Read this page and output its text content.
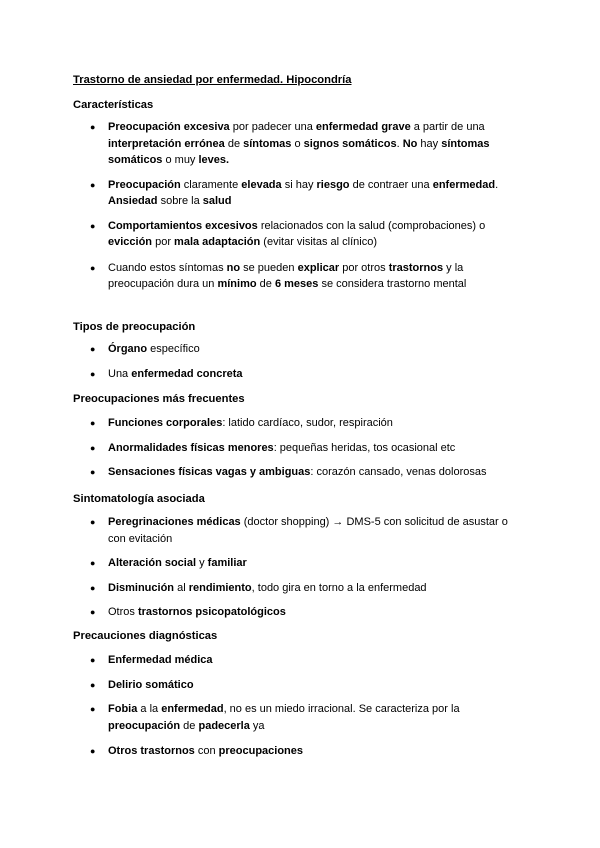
Trastorno de ansiedad por enfermedad. Hipocondría
Características
● Preocupación excesiva por padecer una enfermedad grave a partir de una interpretación errónea de síntomas o signos somáticos. No hay síntomas somáticos o muy leves.
● Preocupación claramente elevada si hay riesgo de contraer una enfermedad. Ansiedad sobre la salud
● Comportamientos excesivos relacionados con la salud (comprobaciones) o evicción por mala adaptación (evitar visitas al clínico)
● Cuando estos síntomas no se pueden explicar por otros trastornos y la preocupación dura un mínimo de 6 meses se considera trastorno mental
Tipos de preocupación
● Órgano específico
● Una enfermedad concreta
Preocupaciones más frecuentes
● Funciones corporales: latido cardíaco, sudor, respiración
● Anormalidades físicas menores: pequeñas heridas, tos ocasional etc
● Sensaciones físicas vagas y ambiguas: corazón cansado, venas dolorosas
Sintomatología asociada
● Peregrinaciones médicas (doctor shopping) → DMS-5 con solicitud de asustar o con evitación
● Alteración social y familiar
● Disminución al rendimiento, todo gira en torno a la enfermedad
● Otros trastornos psicopatológicos
Precauciones diagnósticas
● Enfermedad médica
● Delirio somático
● Fobia a la enfermedad, no es un miedo irracional. Se caracteriza por la preocupación de padecerla ya
● Otros trastornos con preocupaciones
